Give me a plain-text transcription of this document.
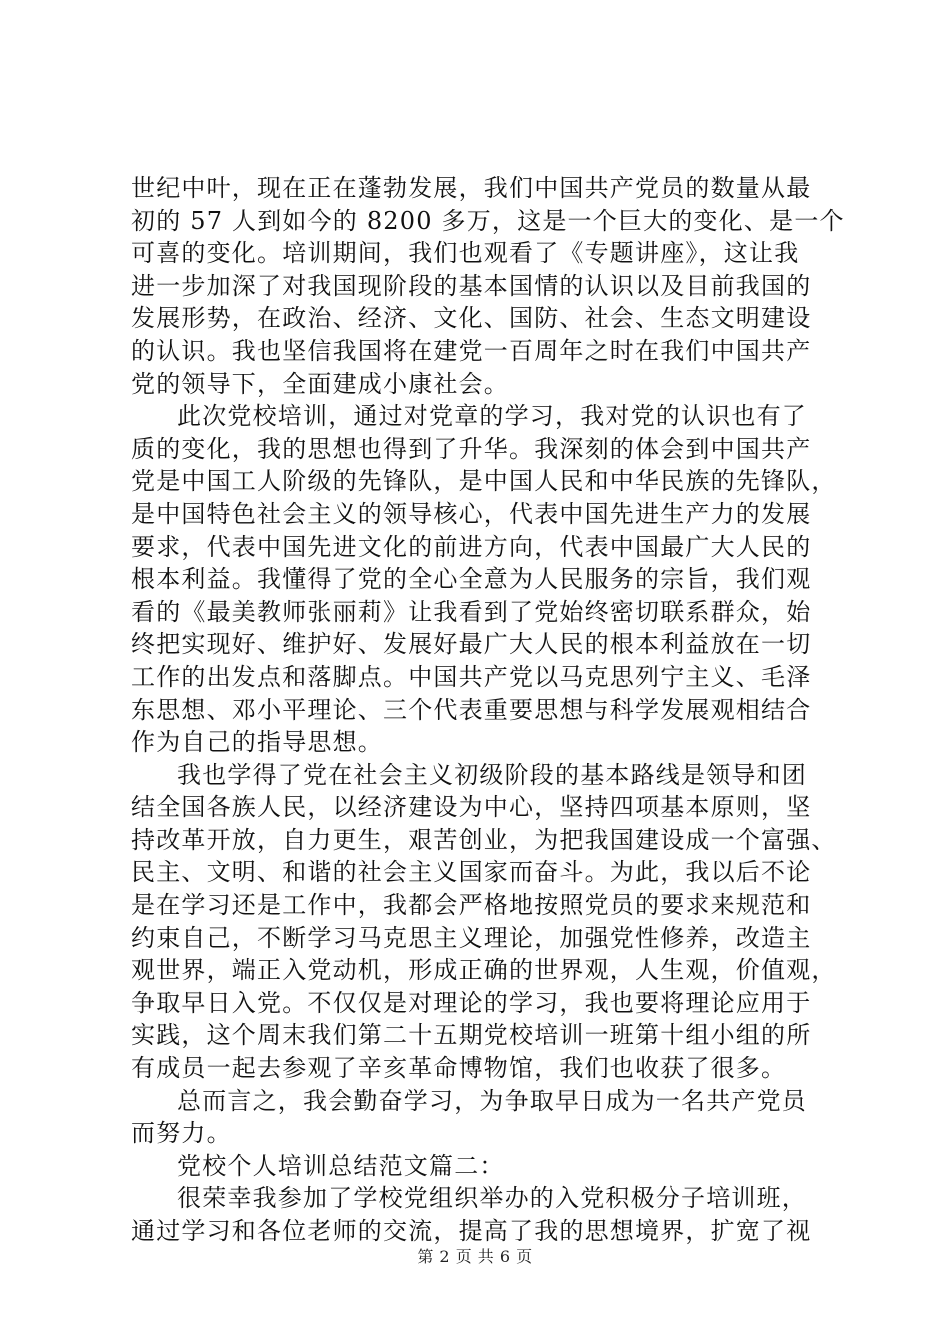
世纪中叶，现在正在蓬勃发展，我们中国共产党员的数量从最
初的 57 人到如今的 8200 多万，这是一个巨大的变化、是一个
可喜的变化。培训期间，我们也观看了《专题讲座》，这让我
进一步加深了对我国现阶段的基本国情的认识以及目前我国的
发展形势，在政治、经济、文化、国防、社会、生态文明建设
的认识。我也坚信我国将在建党一百周年之时在我们中国共产
党的领导下，全面建成小康社会。
此次党校培训，通过对党章的学习，我对党的认识也有了
质的变化，我的思想也得到了升华。我深刻的体会到中国共产
党是中国工人阶级的先锋队，是中国人民和中华民族的先锋队，
是中国特色社会主义的领导核心，代表中国先进生产力的发展
要求，代表中国先进文化的前进方向，代表中国最广大人民的
根本利益。我懂得了党的全心全意为人民服务的宗旨，我们观
看的《最美教师张丽莉》让我看到了党始终密切联系群众，始
终把实现好、维护好、发展好最广大人民的根本利益放在一切
工作的出发点和落脚点。中国共产党以马克思列宁主义、毛泽
东思想、邓小平理论、三个代表重要思想与科学发展观相结合
作为自己的指导思想。
我也学得了党在社会主义初级阶段的基本路线是领导和团
结全国各族人民，以经济建设为中心，坚持四项基本原则，坚
持改革开放，自力更生，艰苦创业，为把我国建设成一个富强、
民主、文明、和谐的社会主义国家而奋斗。为此，我以后不论
是在学习还是工作中，我都会严格地按照党员的要求来规范和
约束自己，不断学习马克思主义理论，加强党性修养，改造主
观世界，端正入党动机，形成正确的世界观，人生观，价值观，
争取早日入党。不仅仅是对理论的学习，我也要将理论应用于
实践，这个周末我们第二十五期党校培训一班第十组小组的所
有成员一起去参观了辛亥革命博物馆，我们也收获了很多。
总而言之，我会勤奋学习，为争取早日成为一名共产党员
而努力。
党校个人培训总结范文篇二：
很荣幸我参加了学校党组织举办的入党积极分子培训班，
通过学习和各位老师的交流，提高了我的思想境界，扩宽了视
第 2 页 共 6 页
